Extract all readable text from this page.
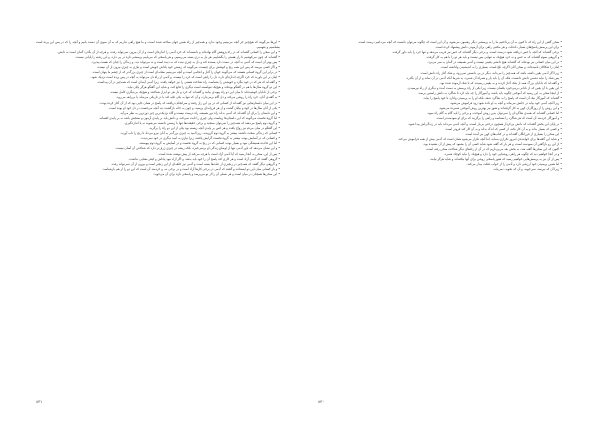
• این‌ها می‌گویند که هیچ‌چیز جز آنچه می‌بینیم وجود ندارد و همه‌چیز از راه همین جهان ساخته شده است، و ما هیچ راهی نداریم که به آن سوی آن دست یابیم و آنچه را که در پس این پرده است بشناسیم و بفهمیم.

• و این سخن را کسانی گفته‌اند که در راه پژوهش گام نهاده‌اند و دانسته‌اند که خرد آدمی را اندازه‌ای است و از آن بیرون نمی‌تواند رفت، و هرچه از آن بگذرد گمان است نه دانش.

• گفته‌اند که چون می‌کوشیم تا راز هستی را بگشاییم، هر بار به دری بسته می‌رسیم، و هر پاسخی که می‌یابیم پرسشی تازه در پی دارد، و این رشته را پایانی نیست.

• پس بهتر آن است که آدمی به آنچه در دست دارد بسنده کند و دل به چیزی نبندد که نه دیده است و نه می‌تواند دید، و زندگی را چنان که هست بپذیرد.

• و اگر کسی بپرسد که پس این همه رنج و کوشش برای چیست، می‌گویند که زیستن خود پاداش خویش است و نیازی به چیزی بیرون از آن نیست.

• در برابر این گروه کسانی هستند که می‌گویند جهان را آغاز و انجامی است و آنچه می‌بینیم نشانه‌ای است از چیزی بزرگ‌تر که از چشم ما پنهان است.

• اینان بر این باورند که خرد اگرچه اندازه‌ای دارد، دل را راهی است که خرد را نیست، و آدمی از راه دل می‌تواند به آنچه در پس پرده است نزدیک شود.

• و گفته‌اند که هر که در خود بنگرد و خویشتن را بشناسد، راه شناخت هستی را نیز خواهد یافت، زیرا آدمی آینه‌ای است که همه‌چیز در آن پیداست.

• این دو گروه سال‌ها با هم در گفتگو بوده‌اند و هیچ‌یک نتوانسته است دیگری را قانع کند، و شاید این گفتگو هرگز پایان نیابد.

• برخی از دانایان کوشیده‌اند تا میان این دو راه پیوندی بیابند و گفته‌اند که خرد و دل هر دو ابزار شناختند و هیچ‌یک بی‌دیگری کامل نیست.

• به گفته‌ی آنان، خرد راه را روشن می‌کند و دل گام برمی‌دارد، و آن که تنها به یکی تکیه کند یا در تاریکی می‌ماند یا بی‌راهه می‌رود.

• در این میان داستان‌هایی نیز گفته‌اند از کسانی که در پی این راز رفتند و سرانجام دریافتند که پاسخ در همان جایی بود که از آن آغاز کرده بودند.

• یکی از آنان سال‌ها در کوه و بیابان گشت و از هر فرزانه‌ای پرسید، و چون به خانه بازگشت دید آنچه می‌جست در دل خود او بوده است.

• و این داستان را برای آن گفته‌اند که آدمی بداند راه دور همیشه راه درست نیست و گاه نزدیک‌ترین چیز دورترین به نظر می‌آید.

• اما گروه نخست می‌گویند که این داستان‌ها زیباست ولی چیزی را ثابت نمی‌کند، و دانش باید بر پایه‌ی آزمون و سنجش باشد نه بر پایه‌ی افسانه.

• و گروه دوم پاسخ می‌دهند که همه‌چیز را نمی‌توان سنجید و برخی حقیقت‌ها تنها با زیستن دانسته می‌شوند نه با اندازه‌گیری.

• این گفتگو در میان مردم نیز رواج یافت و هر کس بر پایه‌ی آنچه زیسته بود یکی از این دو راه را برگزید.

• کسانی که زندگی سخت داشتند بیشتر به گروه دوم گرویدند، زیرا امید به چیزی بزرگ‌تر به آنان نیرو می‌داد تا رنج را تاب آورند.

• و کسانی که در آسایش بودند بیشتر به گروه نخست گرایش یافتند، زیرا نیازی به امید دیگری در خود نمی‌دیدند.

• اما این قاعده همیشگی نبود و بسیار بودند کسانی که در رنج به گروه نخست و در آسایش به گروه دوم پیوستند.

• و این نشان می‌دهد که باور آدمی تنها از اوضاع زندگی او برنمی‌خیزد، بلکه ریشه در چیزی ژرف‌تر دارد که شناختن آن آسان نیست.

• پس از این، سخن به آنجا رسید که آیا آدمی آزاد است یا هرچه می‌کند از پیش نوشته شده است.

• گروهی گفتند که آدمی آزاد است و هر کاری کند پاسخ آن را خود باید بدهد، و اگر آزاد نبود پاداش و کیفر معنایی نداشت.

• و گروهی دیگر گفتند که همه‌چیز در زنجیری از علت‌ها بسته است و آدمی نیز حلقه‌ای از این زنجیر است و بیرون از آن نمی‌تواند رفت.

• و باز کسانی میان این دو ایستادند و گفتند که آدمی در برخی کارها آزاد است و در برخی نه، و خردمند آن است که این دو را از هم بازشناسد.

• این سخن‌ها همچنان در میان است و هر نسلی آن را از نو می‌پرسد و پاسخی تازه برای آن می‌جوید.

۸۳۱

• سخن گفتن از این راه که تا کنون به آن پرداختیم ما را به پرسشی دیگر رهنمون می‌شود، و آن این است که چگونه می‌توان دانست که آنچه می‌دانیم درست است.

• برای این پرسش پاسخ‌های بسیار داده‌اند، و هر مکتبی راهی برای آزمودن دانش پیشنهاد کرده است.

• برخی گفته‌اند که آنچه با حس دریافته شود درست است، و برخی دیگر گفته‌اند که حس نیز فریب می‌دهد و تنها خرد را باید داور گرفت.

• و گروهی سوم گفته‌اند که نه حس و نه خرد هیچ‌یک به تنهایی بس نیست و باید هر دو را با هم به کار گرفت.

• در این میان کسانی نیز بوده‌اند که گفته‌اند هیچ دانشی یقینی نیست و آدمی همیشه در گمان به سر می‌برد.

• اینان را شکاکان نامیده‌اند، و سخن آنان اگرچه تلخ است، بسیاری را به اندیشیدن واداشته است.

• زیرا اگر آدمی یقین داشته باشد که همه‌چیز را می‌داند، دیگر در پی دانستن نمی‌رود، و شک آغاز راه دانش است.

• پس شک را نباید دشمن دانش دانست، بلکه آن را باید یار و همراه آن شمرد، به شرط آنکه آدمی در آن نماند و از آن بگذرد.

• و گفته‌اند که دانایان بزرگ همه از شک آغاز کردند و به یقینی رسیدند که با شک آزموده شده بود.

• این یقین با آن یقین که از نادانی برمی‌خیزد یکسان نیست، زیرا یکی از راه پرسش به دست آمده و دیگری از راه نپرسیدن.

• از اینجا سخن به این رسید که آموختن چگونه باید باشد، و آموزگار را چه باید کرد تا شاگرد به دانش راستین برسد.

• گفته‌اند که آموزگار نیک آن است که پاسخ را به شاگرد ندهد، بلکه او را به پرسیدن وادارد تا خود پاسخ را بیابد.

• زیرا آنچه آدمی خود بیابد در جانش می‌ماند و آنچه به او داده شود زود فراموش می‌شود.

• و این روش را از روزگاران کهن به کار گرفته‌اند و هنوز نیز بهترین روش آموختن شمرده می‌شود.

• اما کسانی گفته‌اند که همه‌ی شاگردان را نمی‌توان بدین روش آموخت، و برخی را باید گام به گام راه نمود.

• و آموزگار خردمند آن است که هر شاگرد را بشناسد و راهی را برگزیند که برای او سودمندتر است.

• در پایان این بخش گفته‌اند که دانش بی‌کردار همچون درختی بی‌بار است، و آنچه آدمی می‌داند باید در زندگی‌اش پیدا شود.

• و کسی که بسیار بداند و به آن کار نکند، از کسی که اندک بداند و به آن کار کند فروتر است.

• این سخن را بسیاری از فرزانگان گفته‌اند و در کتاب‌های کهن نیز آمده است.

• و شاید این گفته‌ها برای خواننده‌ی امروز تکراری بنماید، اما آنچه تکرار می‌شود همان است که آدمی بیش از همه فراموش می‌کند.

• از این رو بازگفتن آن سودمند است، و هر بار که گفته شود شاید کسی آن را بشنود که پیش از آن نشنیده بود.

• اکنون که این سخن‌ها گفته شد، به بخش بعد می‌پردازیم که در آن از راه‌های دیگر شناخت سخن رفته است.

• و در آنجا خواهیم دید که چگونه هر راهی روشنایی خود را دارد و هیچ‌یک را نباید کوچک شمرد.

• پس از آن نیز به پرسش‌هایی خواهیم رسید که هنوز پاسخی روشن برای آنها نیافته‌اند و شاید هرگز نیابند.

• اما همین پرسیدن خود ارزشی دارد و آدمی را از خواب غفلت بیدار می‌کند.

• زیرا آن که نپرسد، نمی‌جوید، و آن که نجوید، نمی‌یابد.

۸۳۰
